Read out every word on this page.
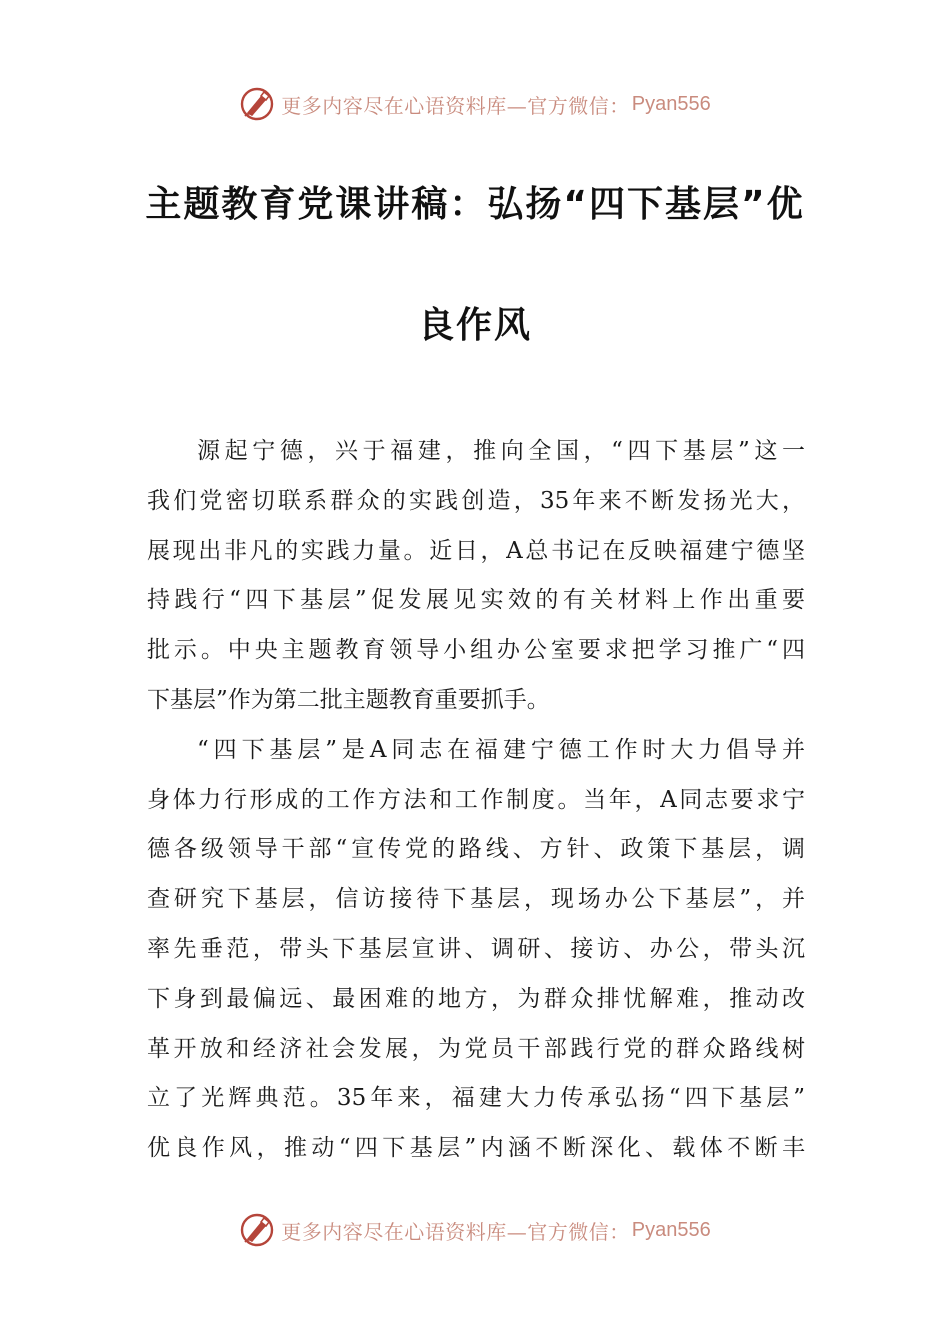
更多内容尽在心语资料库—官方微信： Pyan556
主题教育党课讲稿：弘扬“四下基层”优
良作风
源起宁德，兴于福建，推向全国，“四下基层”这一
我们党密切联系群众的实践创造，35年来不断发扬光大，
展现出非凡的实践力量。近日，A总书记在反映福建宁德坚
持践行“四下基层”促发展见实效的有关材料上作出重要
批示。中央主题教育领导小组办公室要求把学习推广“四
下基层”作为第二批主题教育重要抓手。
“四下基层”是A同志在福建宁德工作时大力倡导并
身体力行形成的工作方法和工作制度。当年，A同志要求宁
德各级领导干部“宣传党的路线、方针、政策下基层，调
查研究下基层，信访接待下基层，现场办公下基层”，并
率先垂范，带头下基层宣讲、调研、接访、办公，带头沉
下身到最偏远、最困难的地方，为群众排忧解难，推动改
革开放和经济社会发展，为党员干部践行党的群众路线树
立了光辉典范。35年来，福建大力传承弘扬“四下基层”
优良作风，推动“四下基层”内涵不断深化、载体不断丰
更多内容尽在心语资料库—官方微信： Pyan556
